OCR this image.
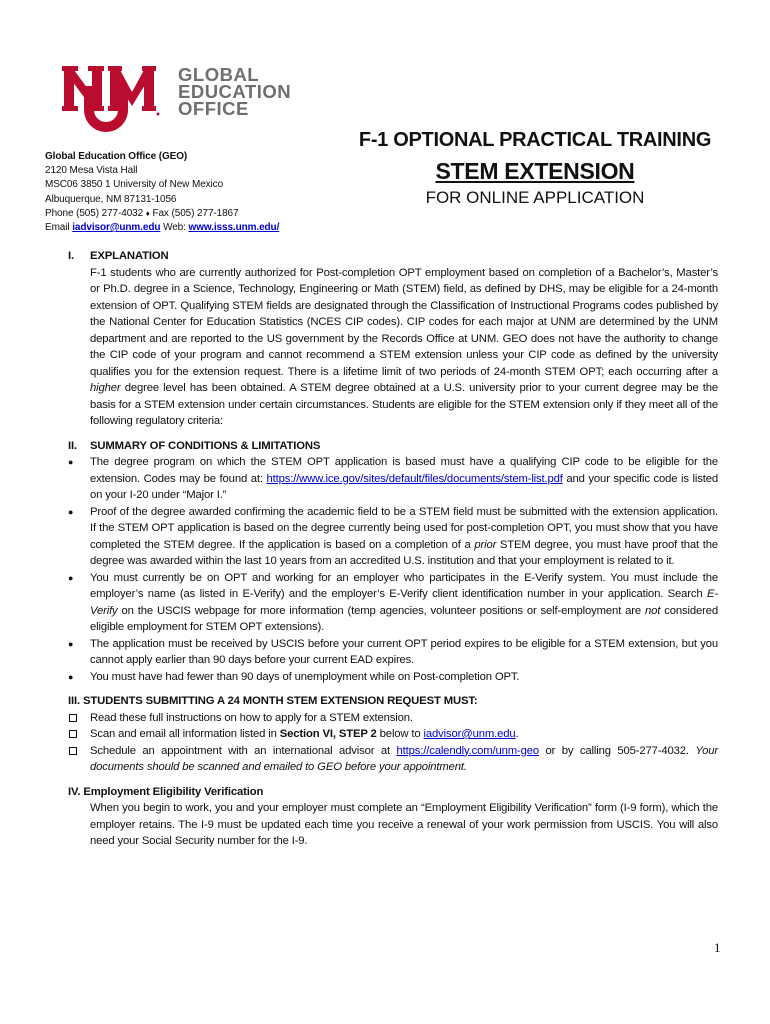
GLOBAL
EDUCATION
OFFICE
Global Education Office (GEO)
2120 Mesa Vista Hall
MSC06 3850 1 University of New Mexico
Albuquerque, NM 87131-1056
Phone (505) 277-4032 ♦ Fax (505) 277-1867
Email iadvisor@unm.edu Web: www.isss.unm.edu/
F-1 OPTIONAL PRACTICAL TRAINING
STEM EXTENSION
FOR ONLINE APPLICATION
I.	EXPLANATION
F-1 students who are currently authorized for Post-completion OPT employment based on completion of a Bachelor’s, Master’s or Ph.D. degree in a Science, Technology, Engineering or Math (STEM) field, as defined by DHS, may be eligible for a 24-month extension of OPT. Qualifying STEM fields are designated through the Classification of Instructional Programs codes published by the National Center for Education Statistics (NCES CIP codes). CIP codes for each major at UNM are determined by the UNM department and are reported to the US government by the Records Office at UNM. GEO does not have the authority to change the CIP code of your program and cannot recommend a STEM extension unless your CIP code as defined by the university qualifies you for the extension request. There is a lifetime limit of two periods of 24-month STEM OPT; each occurring after a higher degree level has been obtained. A STEM degree obtained at a U.S. university prior to your current degree may be the basis for a STEM extension under certain circumstances. Students are eligible for the STEM extension only if they meet all of the following regulatory criteria:
II.	SUMMARY OF CONDITIONS & LIMITATIONS
● The degree program on which the STEM OPT application is based must have a qualifying CIP code to be eligible for the extension. Codes may be found at: https://www.ice.gov/sites/default/files/documents/stem-list.pdf and your specific code is listed on your I-20 under “Major I.”
● Proof of the degree awarded confirming the academic field to be a STEM field must be submitted with the extension application. If the STEM OPT application is based on the degree currently being used for post-completion OPT, you must show that you have completed the STEM degree. If the application is based on a completion of a prior STEM degree, you must have proof that the degree was awarded within the last 10 years from an accredited U.S. institution and that your employment is related to it.
● You must currently be on OPT and working for an employer who participates in the E-Verify system. You must include the employer’s name (as listed in E-Verify) and the employer’s E-Verify client identification number in your application. Search E-Verify on the USCIS webpage for more information (temp agencies, volunteer positions or self-employment are not considered eligible employment for STEM OPT extensions).
● The application must be received by USCIS before your current OPT period expires to be eligible for a STEM extension, but you cannot apply earlier than 90 days before your current EAD expires.
● You must have had fewer than 90 days of unemployment while on Post-completion OPT.
III. STUDENTS SUBMITTING A 24 MONTH STEM EXTENSION REQUEST MUST:
Read these full instructions on how to apply for a STEM extension.
Scan and email all information listed in Section VI, STEP 2 below to iadvisor@unm.edu.
Schedule an appointment with an international advisor at https://calendly.com/unm-geo or by calling 505-277-4032. Your documents should be scanned and emailed to GEO before your appointment.
IV. Employment Eligibility Verification
When you begin to work, you and your employer must complete an “Employment Eligibility Verification” form (I-9 form), which the employer retains. The I-9 must be updated each time you receive a renewal of your work permission from USCIS. You will also need your Social Security number for the I-9.
1
